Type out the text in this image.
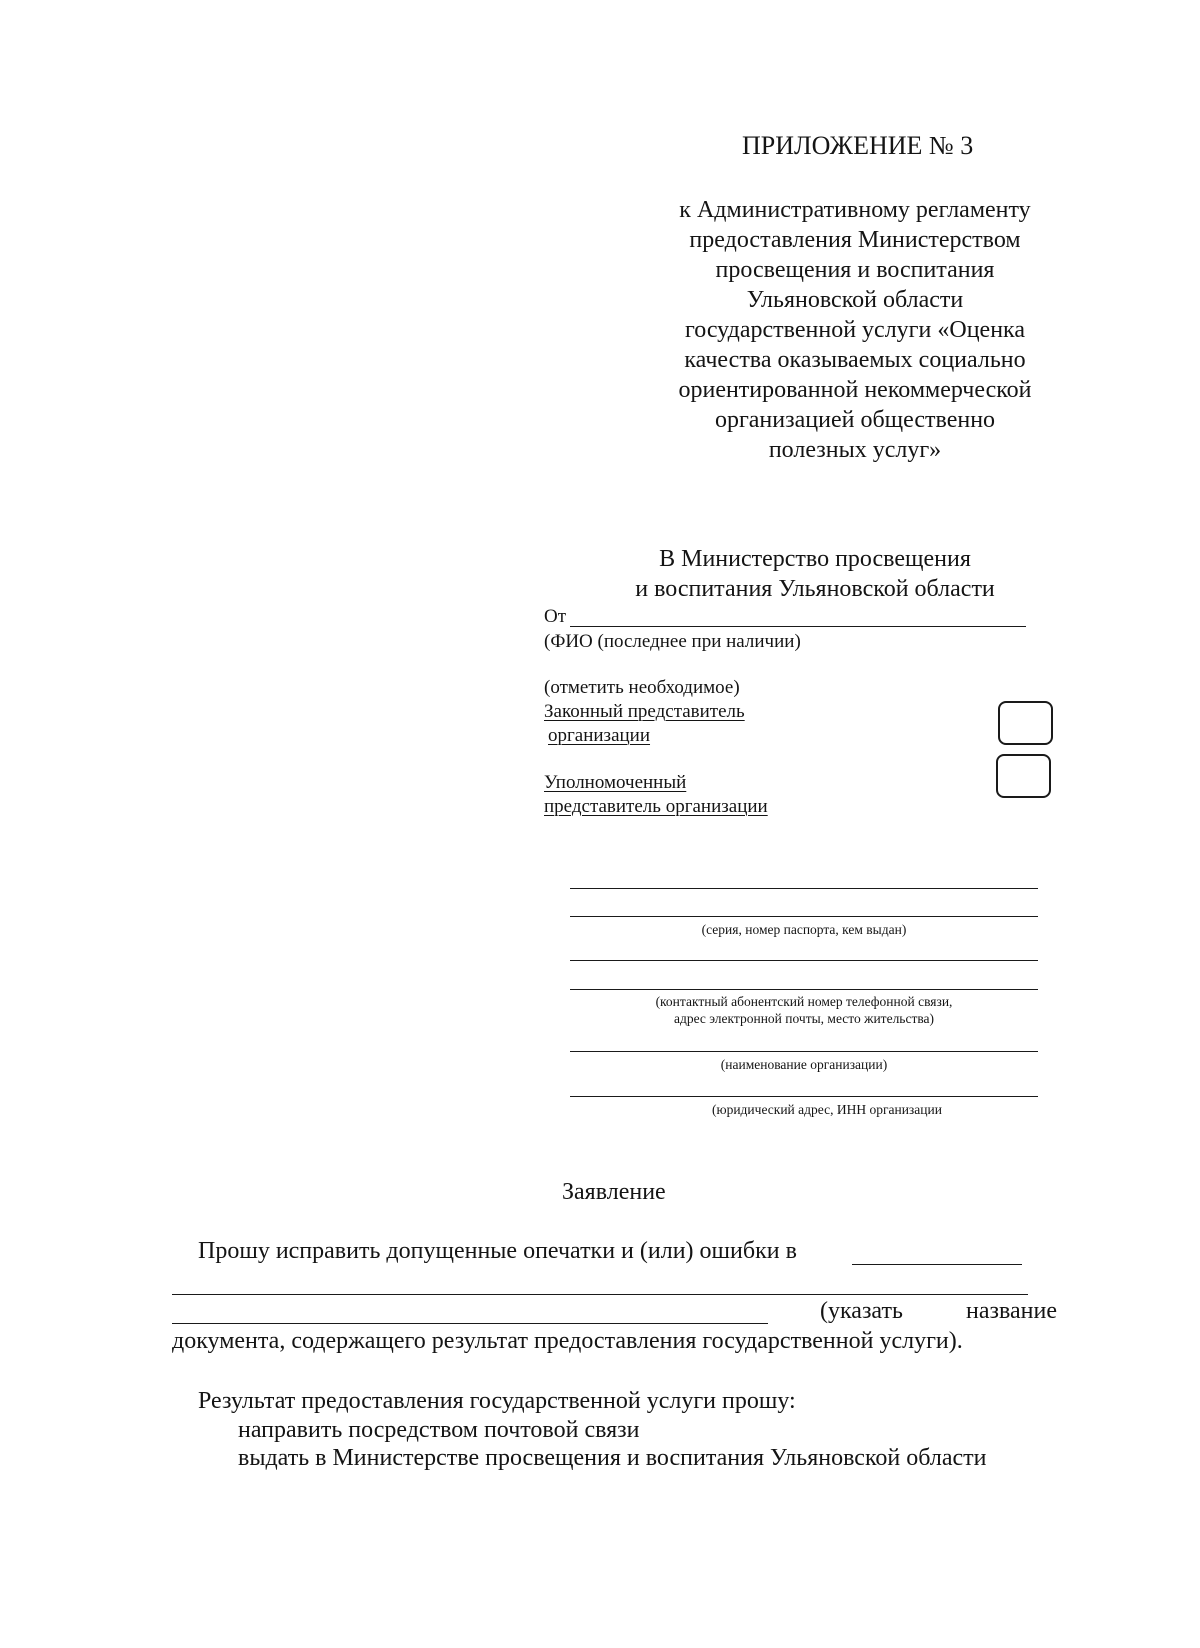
ПРИЛОЖЕНИЕ № 3
к Административному регламенту
предоставления Министерством
просвещения и воспитания
Ульяновской области
государственной услуги «Оценка
качества оказываемых социально
ориентированной некоммерческой
организацией общественно
полезных услуг»
В Министерство просвещения
и воспитания Ульяновской области
От
(ФИО (последнее при наличии)
(отметить необходимое)
Законный представитель
организации
Уполномоченный
представитель организации
(серия, номер паспорта, кем выдан)
(контактный абонентский номер телефонной связи,
адрес электронной почты, место жительства)
(наименование организации)
(юридический адрес, ИНН организации
Заявление
Прошу исправить допущенные опечатки и (или) ошибки в
(указать	название
документа, содержащего результат предоставления государственной услуги).
Результат предоставления государственной услуги прошу:
направить посредством почтовой связи
выдать в Министерстве просвещения и воспитания Ульяновской области
